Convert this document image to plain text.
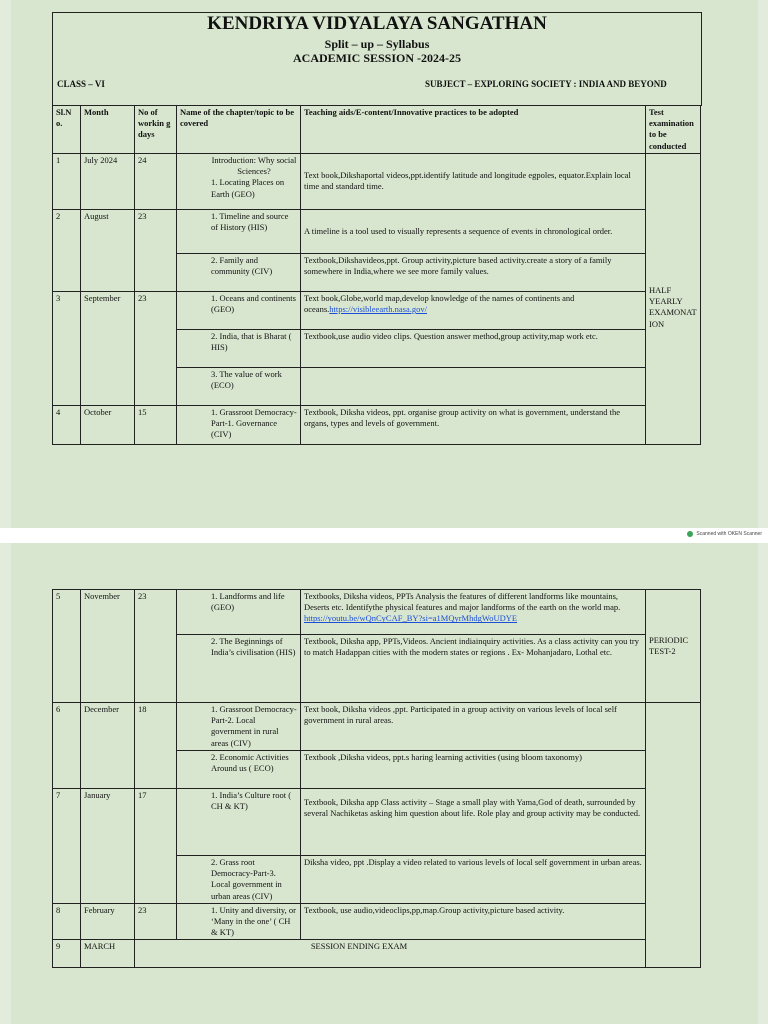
KENDRIYA VIDYALAYA SANGATHAN
Split – up – Syllabus
ACADEMIC SESSION -2024-25
CLASS – VI	SUBJECT – EXPLORING SOCIETY : INDIA AND BEYOND
Sl.N o.	Month	No of workin g days	Name of the chapter/topic to be covered	Teaching aids/E-content/Innovative practices to be adopted	Test examination to be conducted
1	July 2024	24	Introduction: Why social Sciences?
1. Locating Places on Earth (GEO)	Text book,Dikshaportal videos,ppt.identify latitude and longitude egpoles, equator.Explain local time and standard time.	HALF YEARLY EXAMONAT ION
2	August	23	1. Timeline and source of History (HIS)	A timeline is a tool used to visually represents a sequence of events in chronological order.	
			2. Family and community (CIV)	Textbook,Dikshavideos,ppt. Group activity,picture based activity.create a story of a family somewhere in India,where we see more family values.	
3	September	23	1. Oceans and continents (GEO)	Text book,Globe,world map,develop knowledge of the names of continents and oceans.https://visibleearth.nasa.gov/	
			2. India, that is Bharat ( HIS)	Textbook,use audio video clips. Question answer method,group activity,map work etc.	
			3. The value of work (ECO)		
4	October	15	1. Grassroot Democracy-Part-1. Governance (CIV)	Textbook, Diksha videos, ppt. organise group activity on what is government, understand the organs, types and levels of government.	
Scanned with OKEN Scanner
5	November	23	1. Landforms and life (GEO)	Textbooks, Diksha videos, PPTs Analysis the features of different landforms like mountains, Deserts etc. Identifythe physical features and major landforms of the earth on the world map.
https://youtu.be/wQnCyCAF_BY?si=a1MQyrMhdgWoUDYE	PERIODIC TEST-2
			2. The Beginnings of India’s civilisation (HIS)	Textbook, Diksha app, PPTs,Videos. Ancient indiainquiry activities. As a class activity can you try to match Hadappan cities with the modern states or regions . Ex- Mohanjadaro, Lothal etc.	
6	December	18	1. Grassroot Democracy-Part-2. Local government in rural areas (CIV)	Text book, Diksha videos ,ppt. Participated in a group activity on various levels of local self government in rural areas.	
			2. Economic Activities Around us ( ECO)	Textbook ,Diksha videos, ppt.s haring learning activities (using bloom taxonomy)	
7	January	17	1. India’s Culture root ( CH & KT)	Textbook, Diksha app Class activity – Stage a small play with Yama,God of death, surrounded by several Nachiketas asking him question about life. Role play and group activity may be conducted.	
			2. Grass root Democracy-Part-3. Local government in urban areas (CIV)	Diksha video, ppt .Display a video related to various levels of local self government in urban areas.	
8	February	23	1. Unity and diversity, or ‘Many in the one’ ( CH & KT)	Textbook, use audio,videoclips,pp,map.Group activity,picture based activity.	
9	MARCH	SESSION ENDING EXAM			
